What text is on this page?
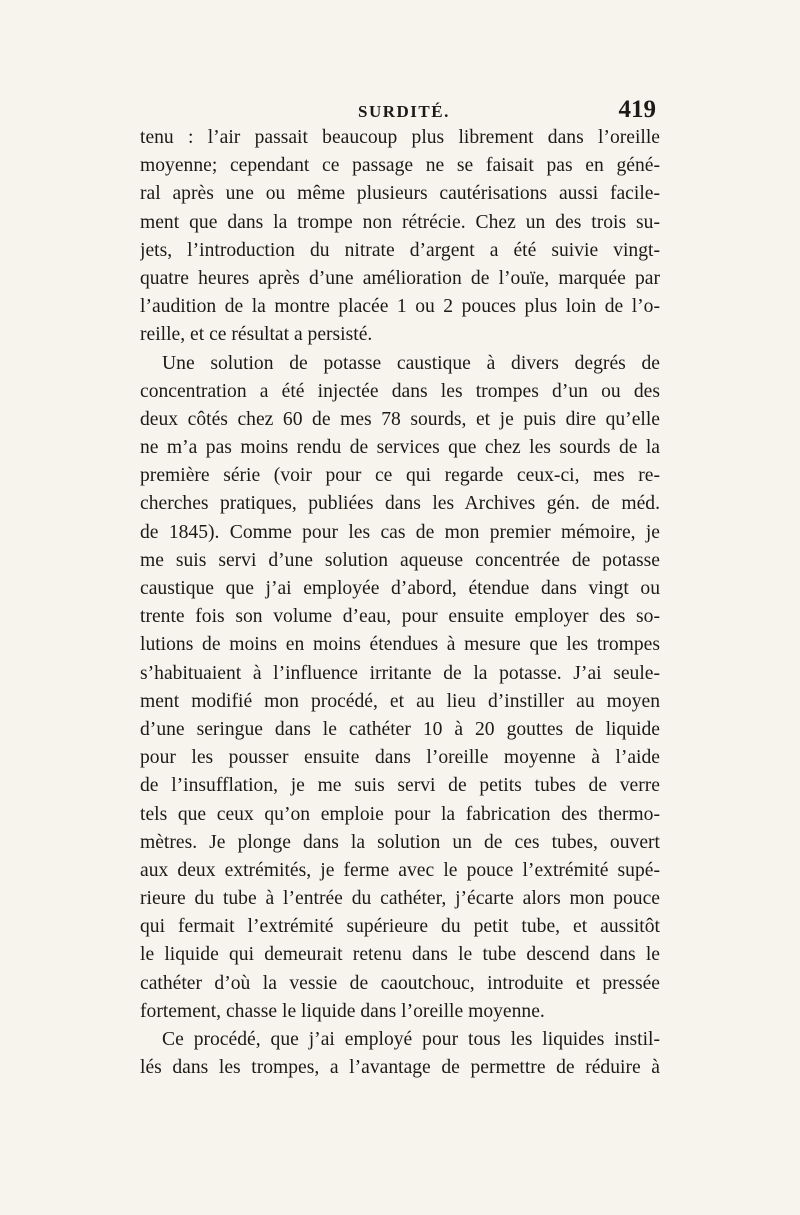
SURDITÉ.	419
tenu : l’air passait beaucoup plus librement dans l’oreille
moyenne; cependant ce passage ne se faisait pas en géné-
ral après une ou même plusieurs cautérisations aussi facile-
ment que dans la trompe non rétrécie. Chez un des trois su-
jets, l’introduction du nitrate d’argent a été suivie vingt-
quatre heures après d’une amélioration de l’ouïe, marquée par
l’audition de la montre placée 1 ou 2 pouces plus loin de l’o-
reille, et ce résultat a persisté.
Une solution de potasse caustique à divers degrés de
concentration a été injectée dans les trompes d’un ou des
deux côtés chez 60 de mes 78 sourds, et je puis dire qu’elle
ne m’a pas moins rendu de services que chez les sourds de la
première série (voir pour ce qui regarde ceux-ci, mes re-
cherches pratiques, publiées dans les Archives gén. de méd.
de 1845). Comme pour les cas de mon premier mémoire, je
me suis servi d’une solution aqueuse concentrée de potasse
caustique que j’ai employée d’abord, étendue dans vingt ou
trente fois son volume d’eau, pour ensuite employer des so-
lutions de moins en moins étendues à mesure que les trompes
s’habituaient à l’influence irritante de la potasse. J’ai seule-
ment modifié mon procédé, et au lieu d’instiller au moyen
d’une seringue dans le cathéter 10 à 20 gouttes de liquide
pour les pousser ensuite dans l’oreille moyenne à l’aide
de l’insufflation, je me suis servi de petits tubes de verre
tels que ceux qu’on emploie pour la fabrication des thermo-
mètres. Je plonge dans la solution un de ces tubes, ouvert
aux deux extrémités, je ferme avec le pouce l’extrémité supé-
rieure du tube à l’entrée du cathéter, j’écarte alors mon pouce
qui fermait l’extrémité supérieure du petit tube, et aussitôt
le liquide qui demeurait retenu dans le tube descend dans le
cathéter d’où la vessie de caoutchouc, introduite et pressée
fortement, chasse le liquide dans l’oreille moyenne.
Ce procédé, que j’ai employé pour tous les liquides instil-
lés dans les trompes, a l’avantage de permettre de réduire à
